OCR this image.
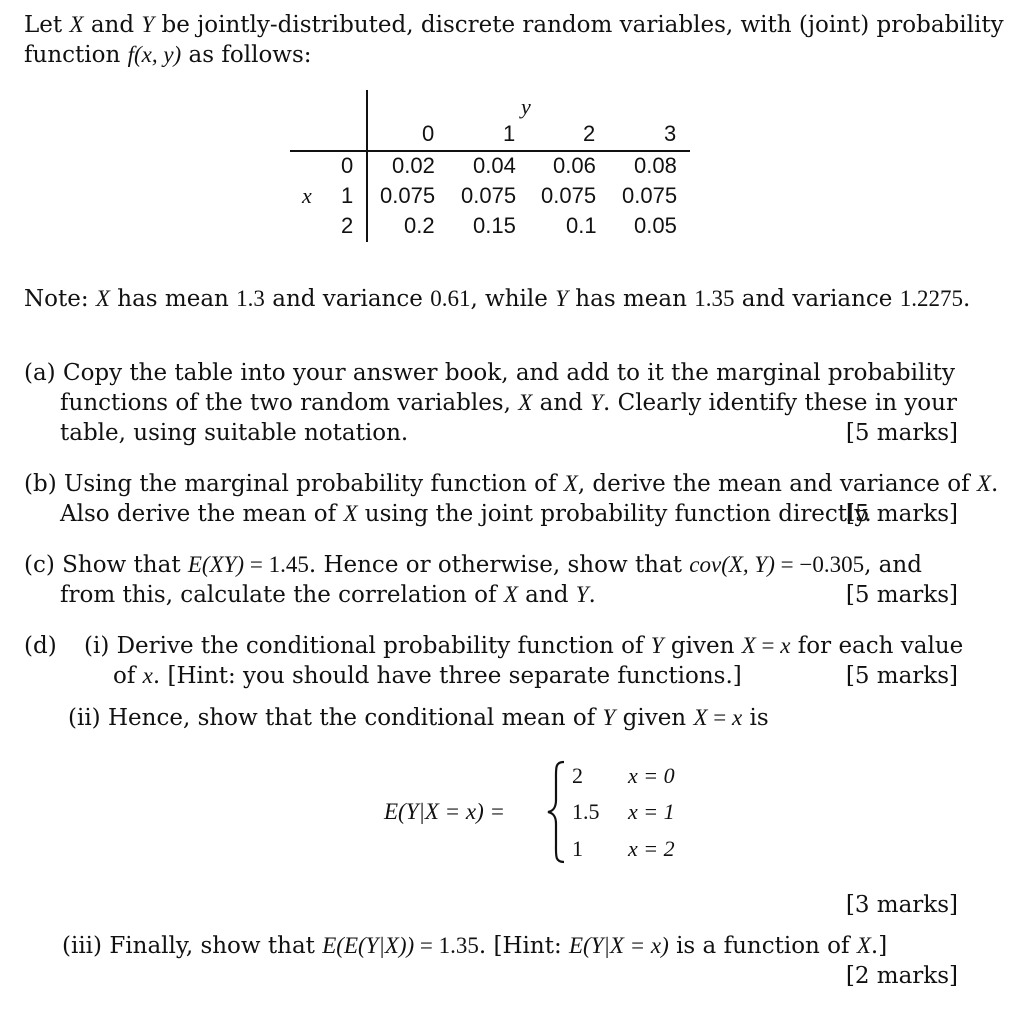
Let X and Y be jointly-distributed, discrete random variables, with (joint) probability
function f(x, y) as follows:
y
0	1	2	3
x
0 0.02 0.04 0.06 0.08
1 0.075 0.075 0.075 0.075
2 0.2 0.15 0.1 0.05
Note: X has mean 1.3 and variance 0.61, while Y has mean 1.35 and variance 1.2275.
(a) Copy the table into your answer book, and add to it the marginal probability
functions of the two random variables, X and Y. Clearly identify these in your
table, using suitable notation.	[5 marks]
(b) Using the marginal probability function of X, derive the mean and variance of X.
Also derive the mean of X using the joint probability function directly.
[5 marks]
(c) Show that E(XY) = 1.45. Hence or otherwise, show that cov(X, Y) = −0.305, and
from this, calculate the correlation of X and Y.	[5 marks]
(d) (i) Derive the conditional probability function of Y given X = x for each value
of x. [Hint: you should have three separate functions.]	[5 marks]
(ii) Hence, show that the conditional mean of Y given X = x is
E(Y|X = x) =
2 x = 0
1.5 x = 1
1 x = 2
[3 marks]
(iii) Finally, show that E(E(Y|X)) = 1.35. [Hint: E(Y|X = x) is a function of X.]
[2 marks]
